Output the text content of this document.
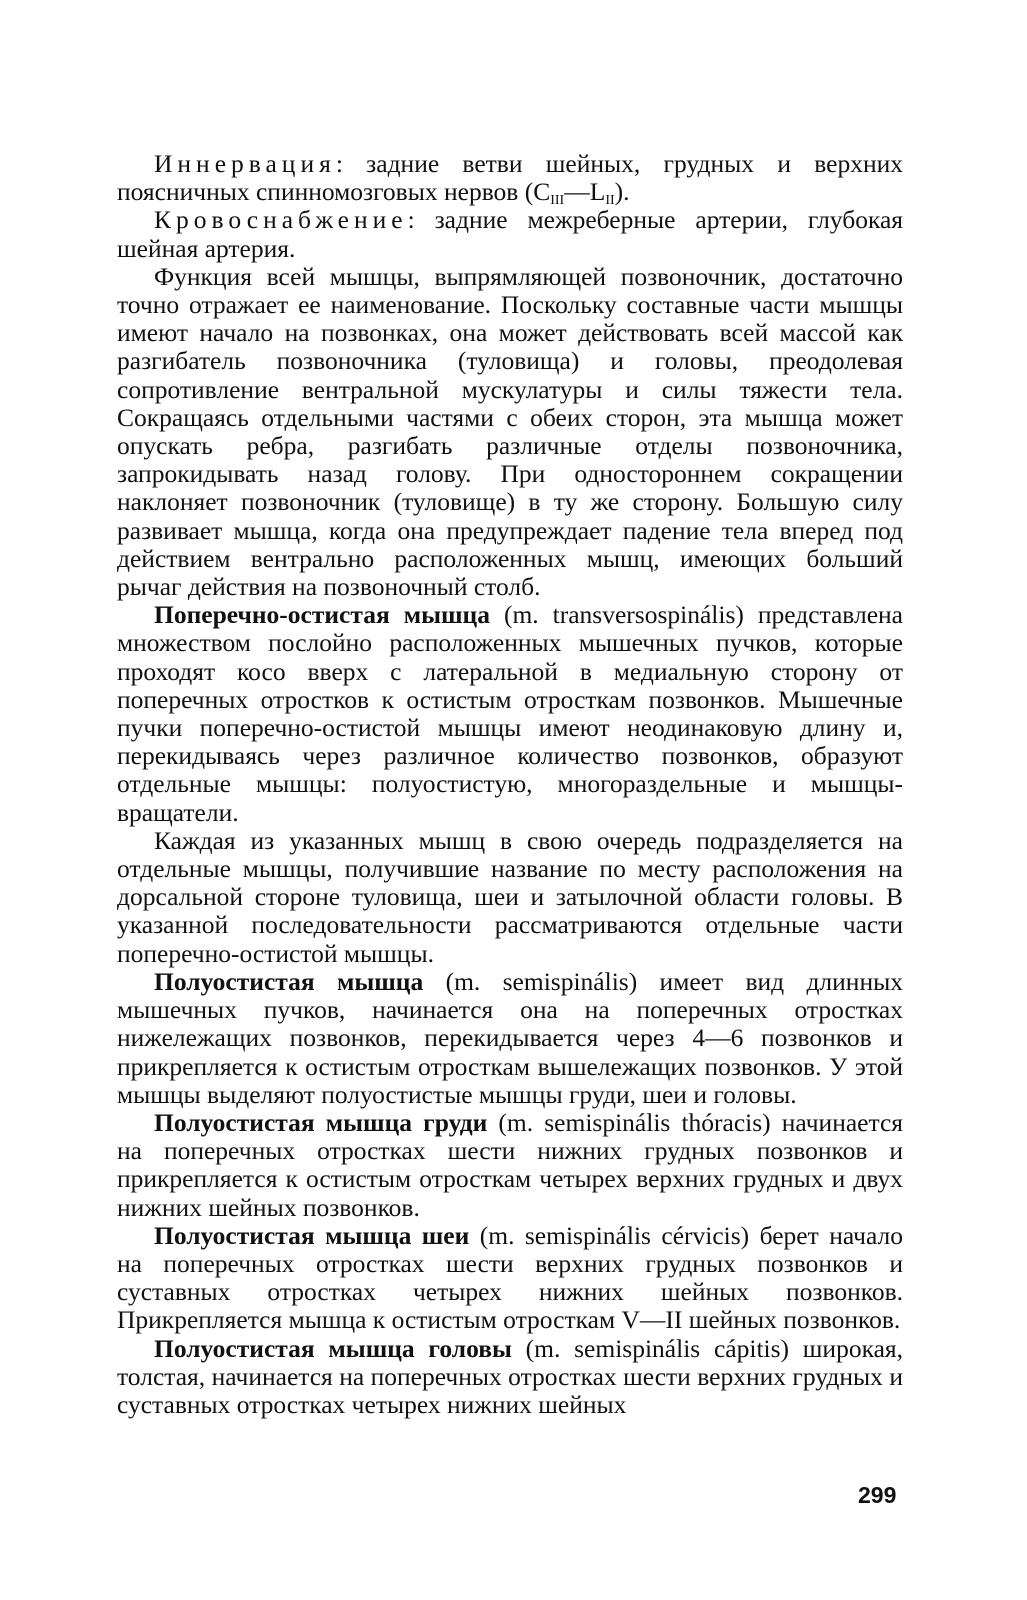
Иннервация: задние ветви шейных, грудных и верхних поясничных спинномозговых нервов $(C_{III}—L_{II})$.

Кровоснабжение: задние межреберные артерии, глубокая шейная артерия.

Функция всей мышцы, выпрямляющей позвоночник, достаточно точно отражает ее наименование. Поскольку составные части мышцы имеют начало на позвонках, она может действовать всей массой как разгибатель позвоночника (туловища) и головы, преодолевая сопротивление вентральной мускулатуры и силы тяжести тела. Сокращаясь отдельными частями с обеих сторон, эта мышца может опускать ребра, разгибать различные отделы позвоночника, запрокидывать назад голову. При одностороннем сокращении наклоняет позвоночник (туловище) в ту же сторону. Большую силу развивает мышца, когда она предупреждает падение тела вперед под действием вентрально расположенных мышц, имеющих больший рычаг действия на позвоночный столб.

Поперечно-остистая мышца (m. transversospinális) представлена множеством послойно расположенных мышечных пучков, которые проходят косо вверх с латеральной в медиальную сторону от поперечных отростков к остистым отросткам позвонков. Мышечные пучки поперечно-остистой мышцы имеют неодинаковую длину и, перекидываясь через различное количество позвонков, образуют отдельные мышцы: полуостистую, многораздельные и мышцы-вращатели.

Каждая из указанных мышц в свою очередь подразделяется на отдельные мышцы, получившие название по месту расположения на дорсальной стороне туловища, шеи и затылочной области головы. В указанной последовательности рассматриваются отдельные части поперечно-остистой мышцы.

Полуостистая мышца (m. semispinális) имеет вид длинных мышечных пучков, начинается она на поперечных отростках нижележащих позвонков, перекидывается через 4—6 позвонков и прикрепляется к остистым отросткам вышележащих позвонков. У этой мышцы выделяют полуостистые мышцы груди, шеи и головы.

Полуостистая мышца груди (m. semispinális thóracis) начинается на поперечных отростках шести нижних грудных позвонков и прикрепляется к остистым отросткам четырех верхних грудных и двух нижних шейных позвонков.

Полуостистая мышца шеи (m. semispinális cérvicis) берет начало на поперечных отростках шести верхних грудных позвонков и суставных отростках четырех нижних шейных позвонков. Прикрепляется мышца к остистым отросткам V—II шейных позвонков.

Полуостистая мышца головы (m. semispinális cápitis) широкая, толстая, начинается на поперечных отростках шести верхних грудных и суставных отростках четырех нижних шейных

299
